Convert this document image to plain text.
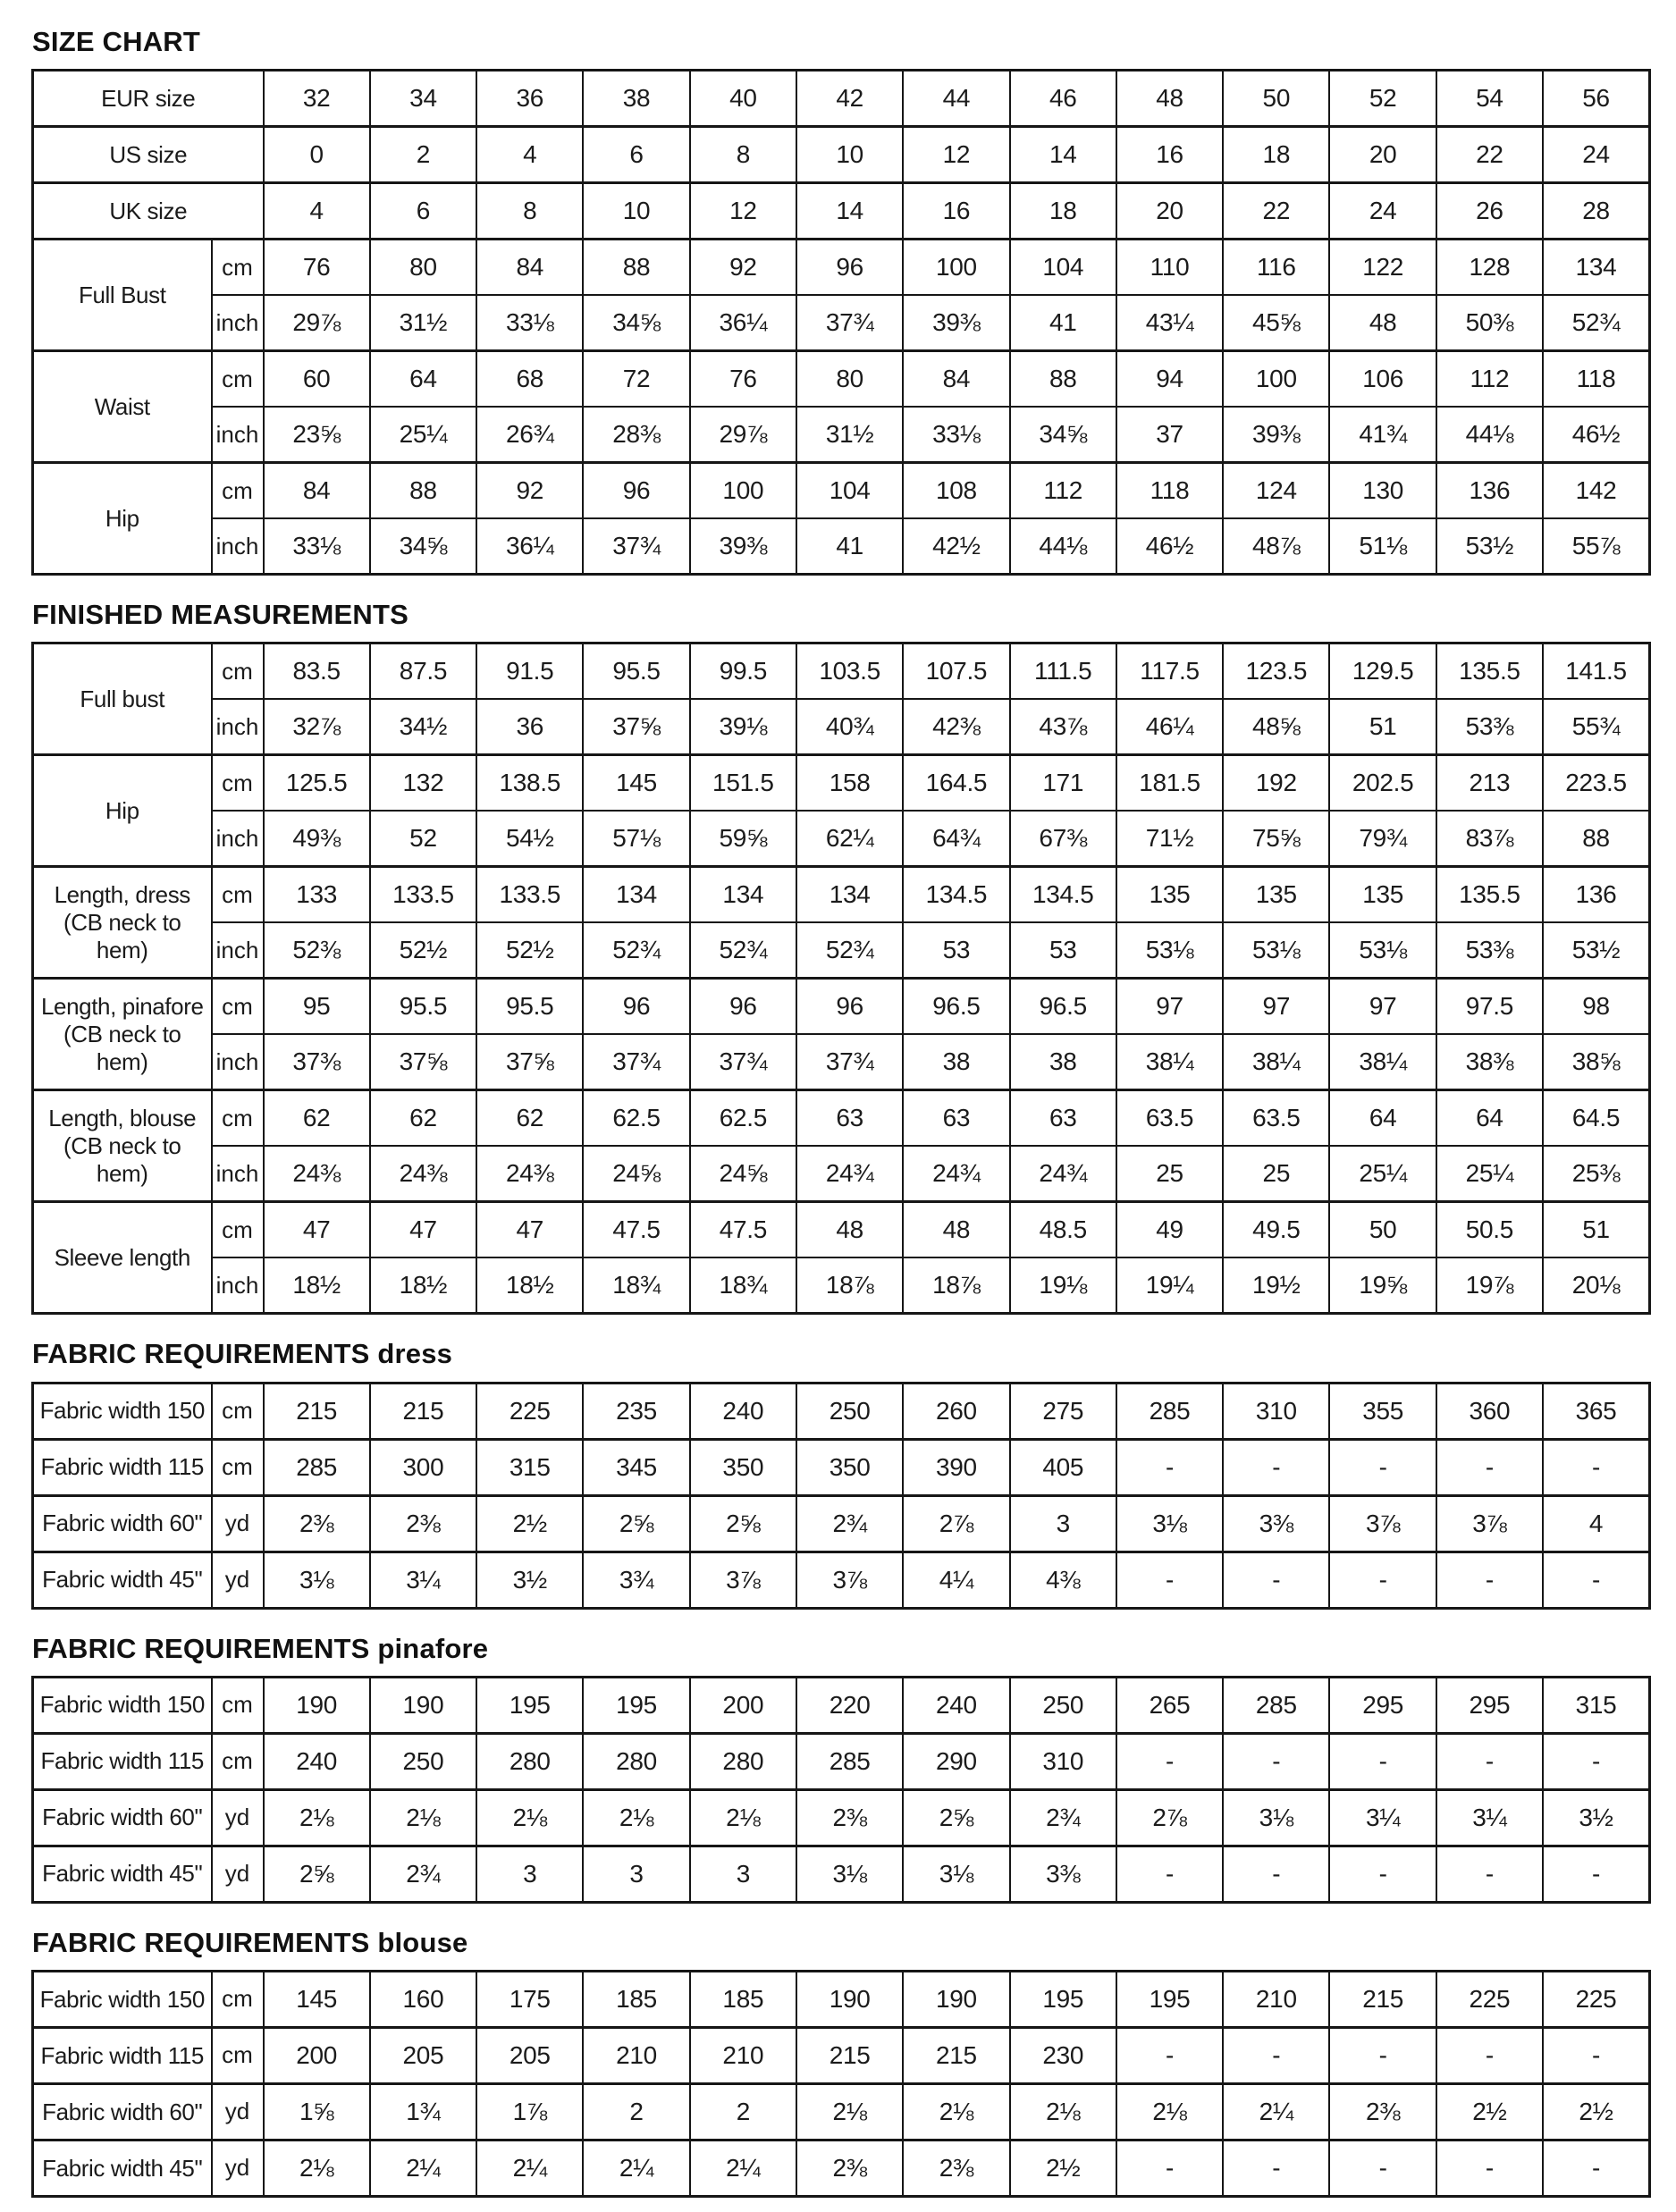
SIZE CHART
EUR size		32	34	36	38	40	42	44	46	48	50	52	54	56
US size		0	2	4	6	8	10	12	14	16	18	20	22	24
UK size		4	6	8	10	12	14	16	18	20	22	24	26	28
Full Bust	cm	76	80	84	88	92	96	100	104	110	116	122	128	134
	inch	29⅞	31½	33⅛	34⅝	36¼	37¾	39⅜	41	43¼	45⅝	48	50⅜	52¾
Waist	cm	60	64	68	72	76	80	84	88	94	100	106	112	118
	inch	23⅝	25¼	26¾	28⅜	29⅞	31½	33⅛	34⅝	37	39⅜	41¾	44⅛	46½
Hip	cm	84	88	92	96	100	104	108	112	118	124	130	136	142
	inch	33⅛	34⅝	36¼	37¾	39⅜	41	42½	44⅛	46½	48⅞	51⅛	53½	55⅞
FINISHED MEASUREMENTS
Full bust	cm	83.5	87.5	91.5	95.5	99.5	103.5	107.5	111.5	117.5	123.5	129.5	135.5	141.5
	inch	32⅞	34½	36	37⅝	39⅛	40¾	42⅜	43⅞	46¼	48⅝	51	53⅜	55¾
Hip	cm	125.5	132	138.5	145	151.5	158	164.5	171	181.5	192	202.5	213	223.5
	inch	49⅜	52	54½	57⅛	59⅝	62¼	64¾	67⅜	71½	75⅝	79¾	83⅞	88
Length, dress
(CB neck to hem)	cm	133	133.5	133.5	134	134	134	134.5	134.5	135	135	135	135.5	136
	inch	52⅜	52½	52½	52¾	52¾	52¾	53	53	53⅛	53⅛	53⅛	53⅜	53½
Length, pinafore
(CB neck to hem)	cm	95	95.5	95.5	96	96	96	96.5	96.5	97	97	97	97.5	98
	inch	37⅜	37⅝	37⅝	37¾	37¾	37¾	38	38	38¼	38¼	38¼	38⅜	38⅝
Length, blouse
(CB neck to hem)	cm	62	62	62	62.5	62.5	63	63	63	63.5	63.5	64	64	64.5
	inch	24⅜	24⅜	24⅜	24⅝	24⅝	24¾	24¾	24¾	25	25	25¼	25¼	25⅜
Sleeve length	cm	47	47	47	47.5	47.5	48	48	48.5	49	49.5	50	50.5	51
	inch	18½	18½	18½	18¾	18¾	18⅞	18⅞	19⅛	19¼	19½	19⅝	19⅞	20⅛
FABRIC REQUIREMENTS dress
Fabric width 150	cm	215	215	225	235	240	250	260	275	285	310	355	360	365
Fabric width 115	cm	285	300	315	345	350	350	390	405	-	-	-	-	-
Fabric width 60"	yd	2⅜	2⅜	2½	2⅝	2⅝	2¾	2⅞	3	3⅛	3⅜	3⅞	3⅞	4
Fabric width 45"	yd	3⅛	3¼	3½	3¾	3⅞	3⅞	4¼	4⅜	-	-	-	-	-
FABRIC REQUIREMENTS pinafore
Fabric width 150	cm	190	190	195	195	200	220	240	250	265	285	295	295	315
Fabric width 115	cm	240	250	280	280	280	285	290	310	-	-	-	-	-
Fabric width 60"	yd	2⅛	2⅛	2⅛	2⅛	2⅛	2⅜	2⅝	2¾	2⅞	3⅛	3¼	3¼	3½
Fabric width 45"	yd	2⅝	2¾	3	3	3	3⅛	3⅛	3⅜	-	-	-	-	-
FABRIC REQUIREMENTS blouse
Fabric width 150	cm	145	160	175	185	185	190	190	195	195	210	215	225	225
Fabric width 115	cm	200	205	205	210	210	215	215	230	-	-	-	-	-
Fabric width 60"	yd	1⅝	1¾	1⅞	2	2	2⅛	2⅛	2⅛	2⅛	2¼	2⅜	2½	2½
Fabric width 45"	yd	2⅛	2¼	2¼	2¼	2¼	2⅜	2⅜	2½	-	-	-	-	-
